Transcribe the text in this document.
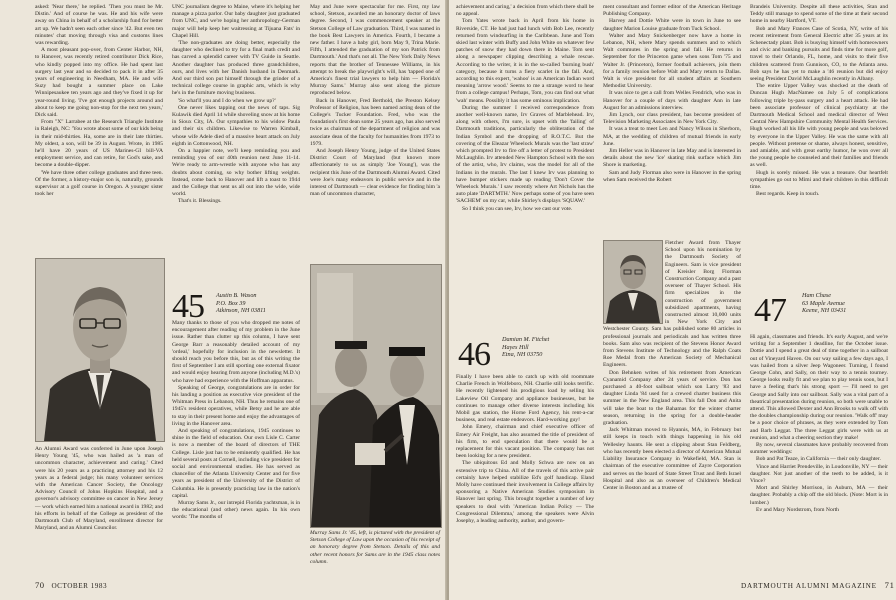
asked: 'Near there,' he replied. 'Then you must be Mr. Distin.' And of course he was. He and his wife were away on China in behalf of a scholarship fund for better art up. We hadn't seen each other since '42. But even ten minutes' chat moving through visa and customs lines was rewarding.

A most pleasant pop-over, from Center Harbor, NH, to Hanover, was recently retired contributor Dick Rice, who kindly popped into my office. He had spent last surgery last year and so decided to pack it in after 35 years of engineering in Needham, MA. He and wife Suzy had bought a summer place on Lake Winnipesaukee ten years ago and they've fixed it up for year-round living. 'I've got enough projects around and about to keep me going non-stop for the next ten years,' Dick said.

From "X" Larrabee at the Research Triangle Institute in Raleigh, NC: 'You wrote about some of our kids being in their mid-thirties. Ha, some are in their late thirties. My oldest, a son, will be 39 in August. Wrote, in 1985 he'll have 20 years of US Marines-GI bill-VA employment service, and can retire, for God's sake, and become a double-dipper.

'We have three other college graduates and three teen. Of the former, a history-major son is, naturally, grounds supervisor at a golf course in Oregon. A younger sister took her

UNC journalism degree to Maine, where it's helping her manage a pizza parlor. Our baby daughter just graduated from UNC, and we're hoping her anthropology-German major will help keep her waitressing at Tijuana Fats' in Chapel Hill.

'The non-graduates are doing better, especially the daughter who declined to try for a final math credit and has carved a splendid career with TV Guide in Seattle. Another daughter has produced three grandchildren, ours, and lives with her Danish husband in Denmark. And our third son put himself through the grinder of a technical college course in graphic arts, which is why he's in the furniture moving business.

'So what'll you and I do when we grow up?'

One never likes tapping out the news of taps. Sig Kulawik died April 14 while shoveling snow at his home in Sioux City, IA. Our sympathies to his widow Paula and their six children. Likewise to Warren Kimball, whose wife Adele died of a massive heart attack on July eighth in Cottonwood, NH.

On a happier note, we'll keep reminding you and reminding you of our 40th reunion next June 11-14. We're ready to arm-wrestle with anyone who has any doubts about coming, so why bother lifting weights. Instead, come back to Hanover and lift a toast to 1944 and the College that sent us all out into the wide, wide world.

That's it. Blessings.

May and June were spectacular for me. First, my law school, Stetson, awarded me an honorary doctor of laws degree. Second, I was commencement speaker at the Stetson College of Law graduation. Third, I was named in the book Best Lawyers in America. Fourth, I became a new father. I have a baby girl, born May 9, Trina Marie. Fifth, I attended the graduation of my son Patrick from Dartmouth.' And that's not all. The New York Daily News reports that the brother of Tennessee Williams, in his attempt to break the playwright's will, has 'tapped one of America's finest trial lawyers to help him — Florida's Murray Sams.' Murray also sent along the picture reproduced below.

Back in Hanover, Fred Berthold, the Preston Kelsey Professor of Religion, has been named acting dean of the College's Tucker Foundation. Fred, who was the foundation's first dean some 25 years ago, has also served twice as chairman of the department of religion and was associate dean of the faculty for humanities from 1973 to 1979.

And Joseph Henry Young, judge of the United States District Court of Maryland (but known more affectionately to us as simply 'Joe Young'), was the recipient this June of the Dartmouth Alumni Award. Cited were Joe's many endeavors in public service and in the interest of Dartmouth — clear evidence for finding him 'a man of uncommon character,

An Alumni Award was conferred in June upon Joseph Henry Young '45, who was hailed as 'a man of uncommon character, achievement and caring.' Cited were his 20 years as a practicing attorney and his 12 years as a federal judge; his many volunteer services with the American Cancer Society, the Oncology Advisory Council of Johns Hopkins Hospital, and a governor's advisory committee on cancer in New Jersey — work which earned him a national award in 1982; and his efforts in behalf of the College as president of the Dartmouth Club of Maryland, enrollment director for Maryland, and an Alumni Councilor.
45 Austin B. Wason
P.O. Box 39
Atkinson, NH 03811

Many thanks to those of you who dropped me notes of encouragement after reading of my problem in the June issue. Rather than clutter up this column, I have sent George Barr a reasonably detailed account of my 'ordeal,' hopefully for inclusion in the newsletter. It should reach you before this, but as of this writing the first of September I am still sporting one external fixator and would enjoy hearing from anyone (including M.D.'s) who have had experience with the Hoffman apparatus.

Speaking of George, congratulations are in order for his landing a position as executive vice president of the Whitman Press in Lebanon, NH. Thus he remains one of 1945's resident operatives, while Betsy and he are able to stay in their present home and enjoy the advantages of living in the Hanover area.

And speaking of congratulations, 1945 continues to shine in the field of education. Our own Lisle C. Carter is now a member of the board of directors of THE College. Lisle just has to be eminently qualified. He has held several posts at Cornell, including vice president for social and environmental studies. He has served as chancellor of the Atlanta University Center and for five years as president of the University of the District of Columbia. He is presently practicing law in the nation's capital.

Murray Sams Jr., our intrepid Florida yachtsman, is in the educational (and other) news again. In his own words: 'The months of

Murray Sams Jr. '45, left, is pictured with the president of Stetson College of Law upon the occasion of his receipt of an honorary degree from Stetson. Details of this and other recent honors for Sams are in the 1945 class notes column.
70 OCTOBER 1983

achievement and caring,' a decision from which there shall be no appeal.

Tom Yates wrote back in April from his home in Riverside, CT. He had just had lunch with Bob Lee, recently returned from windsurfing in the Caribbean. June and Tom skied last winter with Buffy and John White on whatever few patches of snow they had down there in Maine. Tom sent along a newspaper clipping describing a whale rescue. According to the writer, it is in the so-called 'burning bush' category, because it turns a fiery scarlet in the fall. And, according to this expert, 'wahoo' is an American Indian word meaning 'arrow wood.' Seems to me a strange word to hear from a college campus! Perhaps, Tom, you can find out what 'wah' means. Possibly it has some ominous implication.

During the summer I received correspondence from another well-known name, Irv Graves of Marblehead. Irv, along with others, I'm sure, is upset with the 'failing' of Dartmouth traditions, particularly the obliteration of the Indian Symbol and the dropping of R.O.T.C. But the covering of the Eleazar Wheelock Murals was the 'last straw' which prompted Irv to fire off a letter of protest to President McLaughlin. Irv attended New Hampton School with the son of the artist, who, Irv claims, was the model for all of the Indians in the murals. The last I knew Irv was planning to have bumper stickers made up reading 'Don't Cover the Wheelock Murals.' I saw recently where Art Nichols has the auto plate 'DARTMTH.' Now perhaps some of you have seen 'SACHEM' on my car, while Shirley's displays 'SQUAW.'

So I think you can see, Irv, how we cast our vote.

46 Damian M. Fitchet
Hayes Hill
Etna, NH 03750

Finally I have been able to catch up with old roommate Charlie French in Wolfeboro, NH. Charlie still looks terrific. He recently lightened his prodigious load by selling his Lakeview Oil Company and appliance businesses, but he continues to manage other diverse interests including his Mobil gas station, the Horne Ford Agency, his rent-a-car business, and real estate endeavors. Hard-working guy!

John Emery, chairman and chief executive officer of Emery Air Freight, has also assumed the title of president of his firm, to end speculation that there would be a replacement for this vacant position. The company has not been looking for a new president.

The ubiquitous Ed and Molly Schwa are now on an extensive trip to China. All of the travels of this active pair certainly have helped stabilize Ed's golf handicap. Eland Molly have continued their involvement in College affairs by sponsoring a Native American Studies symposium in Hanover last spring. This brought together a number of key speakers to deal with 'American Indian Policy — The Congressional Dilemma,' among the speakers were Alvin Josephy, a leading authority, author, and govern-

ment consultant and former editor of the American Heritage Publishing Company.

Harvey and Dottie White were in town in June to see daughter Marion Louise graduate from Tuck School.

Walter and Mary Snickenberger now have a home in Lebanon, NH, where Mary spends summers and to which Walt commutes in the spring and fall. He returns in September for the Princeton game when sons Tom '75 and Walter Jr. (Princeton), former football achievers, join them for a family reunion before Walt and Mary return to Dallas. Walt is vice president for all student affairs at Southern Methodist University.

It was nice to get a call from Welles Fendrich, who was in Hanover for a couple of days with daughter Ann in late August for an admissions interview.

Jim Lynch, our class president, has become president of Television Marketing Associates in New York City.

It was a treat to meet Len and Nancy Wilson in Sherborn, MA, at the wedding of children of mutual friends in early June.

Jim Heller was in Hanover in late May and is interested in details about the new 'ice' skating rink surface which Jim Shore is marketing.

Sam and Judy Florman also were in Hanover in the spring when Sam received the Robert

Fletcher Award from Thayer School upon his nomination by the Dartmouth Society of Engineers. Sam is vice president of Kreisler Borg Florman Construction Company and a past overseer of Thayer School. His firm specializes in the construction of government subsidized apartments, having constructed almost 10,000 units in New York City and Westchester County. Sam has published some 80 articles in professional journals and periodicals and has written three books. Sam also was recipient of the Stevens Honor Award from Stevens Institute of Technology and the Ralph Coats Roe Medal from the American Society of Mechanical Engineers.

Don Behnken writes of his retirement from American Cyanamid Company after 24 years of service. Don has purchased a 40-foot sailboat which son Larry '83 and daughter Linda '84 used for a crewed charter business this summer in the New England area. This fall Don and Anita will take the boat to the Bahamas for the winter charter season, returning in the spring for a double-header graduation.

Jack Whitman moved to Hyannis, MA, in February but still keeps in touch with things happening in his old Wellesley haunts. He sent a clipping about Stan Feldberg, who has recently been elected a director of American Mutual Liability Insurance Company in Wakefield, MA. Stan is chairman of the executive committee of Zayre Corporation and serves on the board of State Street Trust and Beth Israel Hospital and also as an overseer of Children's Medical Center in Boston and as a trustee of

Brandeis University. Despite all these activities, Stan and Teddy still manage to spend some of the time at their second home in nearby Hartford, VT.

Bob and Mary Frances Case of Scotia, NY, write of his recent retirement from General Electric after 35 years at its Schenectady plant. Bob is busying himself with homeowners and civic and banking pursuits and finds time for more golf, travel to their Orlando, FL, home, and visits to their five children scattered from Gunnison, CO, to the Atlanta area. Bob says he has yet to make a '46 reunion but did enjoy seeing President David McLaughlin recently in Albany.

The entire Upper Valley was shocked at the death of Duncan Hugh MacNamee on July 5 of complications following triple by-pass surgery and a heart attack. He had been associate professor of clinical psychiatry at the Dartmouth Medical School and medical director of West Central New Hampshire Community Mental Health Services. Hugh worked all his life with young people and was beloved by everyone in the Upper Valley. He was the same with all people. Without pretense or shame, always honest, sensitive, and amiable, and with great earthy humor, he won over all the young people he counseled and their families and friends as well.

Hugh is sorely missed. He was a treasure. Our heartfelt sympathies go out to Mimi and their children in this difficult time.

Best regards. Keep in touch.

47	Ham Chase
63 Maple Avenue
Keene, NH 03431

Hi again, classmates and friends. It's early August, and we're writing for a September 1 deadline, for the October issue. Dottie and I spend a great deal of time together in a sailboat out of Vineyard Haven. On our way sailing a few days ago, I was hailed from a silver Jeep Wagoneer. Turning, I found George Cohn, and Sally, on their way to a tennis tourney. George looks really fit and we plan to play tennis soon, but I have a feeling that's his strong sport — I'll need to get George and Sally into our sailboat. Sally was a vital part of a theatrical presentation during reunion, so both were unable to attend. This allowed Dexter and Ann Brooks to walk off with the doubles championship during our reunion. 'Walk off' may be a poor choice of phrases, as they were extended by Tom and Barb Leggat. The three Leggat girls were with us at reunion, and what a cheering section they make!

By now, several classmates have probably recovered from summer weddings:

Bob and Pat Teaze, in California — their only daughter.

Vince and Harriet Prendeville, in Loudonville, NY — their daughter. Not just another of the teeth to be added, is it Vince?

Mort and Shirley Morrison, in Auburn, MA — their daughter. Probably a chip off the old block. (Note: Mort is in lumber.)

Ev and Mary Nordstrom, from North

DARTMOUTH ALUMNI MAGAZINE 71
